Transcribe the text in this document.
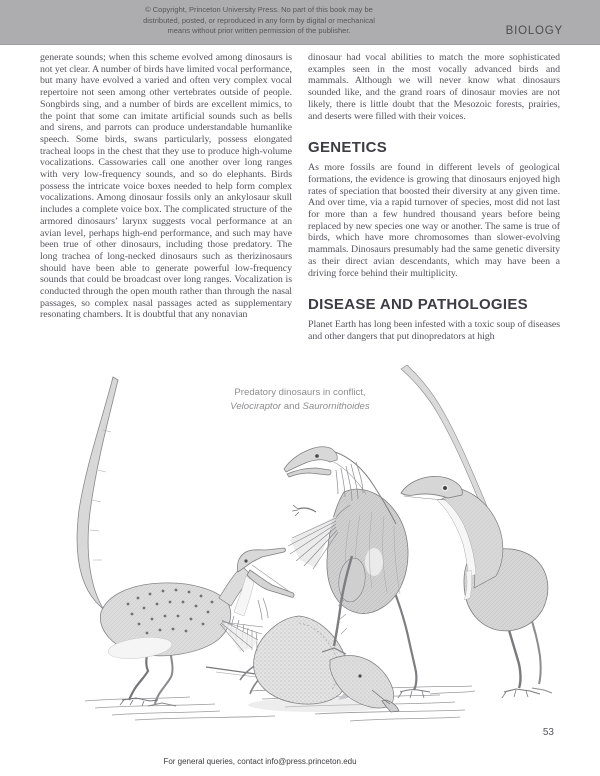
© Copyright, Princeton University Press. No part of this book may be
distributed, posted, or reproduced in any form by digital or mechanical
means without prior written permission of the publisher.	BIOLOGY

generate sounds; when this scheme evolved among dinosaurs is not yet clear. A number of birds have limited vocal performance, but many have evolved a varied and often very complex vocal repertoire not seen among other vertebrates outside of people. Songbirds sing, and a number of birds are excellent mimics, to the point that some can imitate artificial sounds such as bells and sirens, and parrots can produce understandable humanlike speech. Some birds, swans particularly, possess elongated tracheal loops in the chest that they use to produce high-volume vocalizations. Cassowaries call one another over long ranges with very low-frequency sounds, and so do elephants. Birds possess the intricate voice boxes needed to help form complex vocalizations. Among dinosaur fossils only an ankylosaur skull includes a complete voice box. The complicated structure of the armored dinosaurs’ larynx suggests vocal performance at an avian level, perhaps high-end performance, and such may have been true of other dinosaurs, including those predatory. The long trachea of long-necked dinosaurs such as therizinosaurs should have been able to generate powerful low-frequency sounds that could be broadcast over long ranges. Vocalization is conducted through the open mouth rather than through the nasal passages, so complex nasal passages acted as supplementary resonating chambers. It is doubtful that any nonavian

dinosaur had vocal abilities to match the more sophisticated examples seen in the most vocally advanced birds and mammals. Although we will never know what dinosaurs sounded like, and the grand roars of dinosaur movies are not likely, there is little doubt that the Mesozoic forests, prairies, and deserts were filled with their voices.

GENETICS

As more fossils are found in different levels of geological formations, the evidence is growing that dinosaurs enjoyed high rates of speciation that boosted their diversity at any given time. And over time, via a rapid turnover of species, most did not last for more than a few hundred thousand years before being replaced by new species one way or another. The same is true of birds, which have more chromosomes than slower-evolving mammals. Dinosaurs presumably had the same genetic diversity as their direct avian descendants, which may have been a driving force behind their multiplicity.

DISEASE AND PATHOLOGIES

Planet Earth has long been infested with a toxic soup of diseases and other dangers that put dinopredators at high

Predatory dinosaurs in conflict,
Velociraptor and Saurornithoides
53
For general queries, contact info@press.princeton.edu
